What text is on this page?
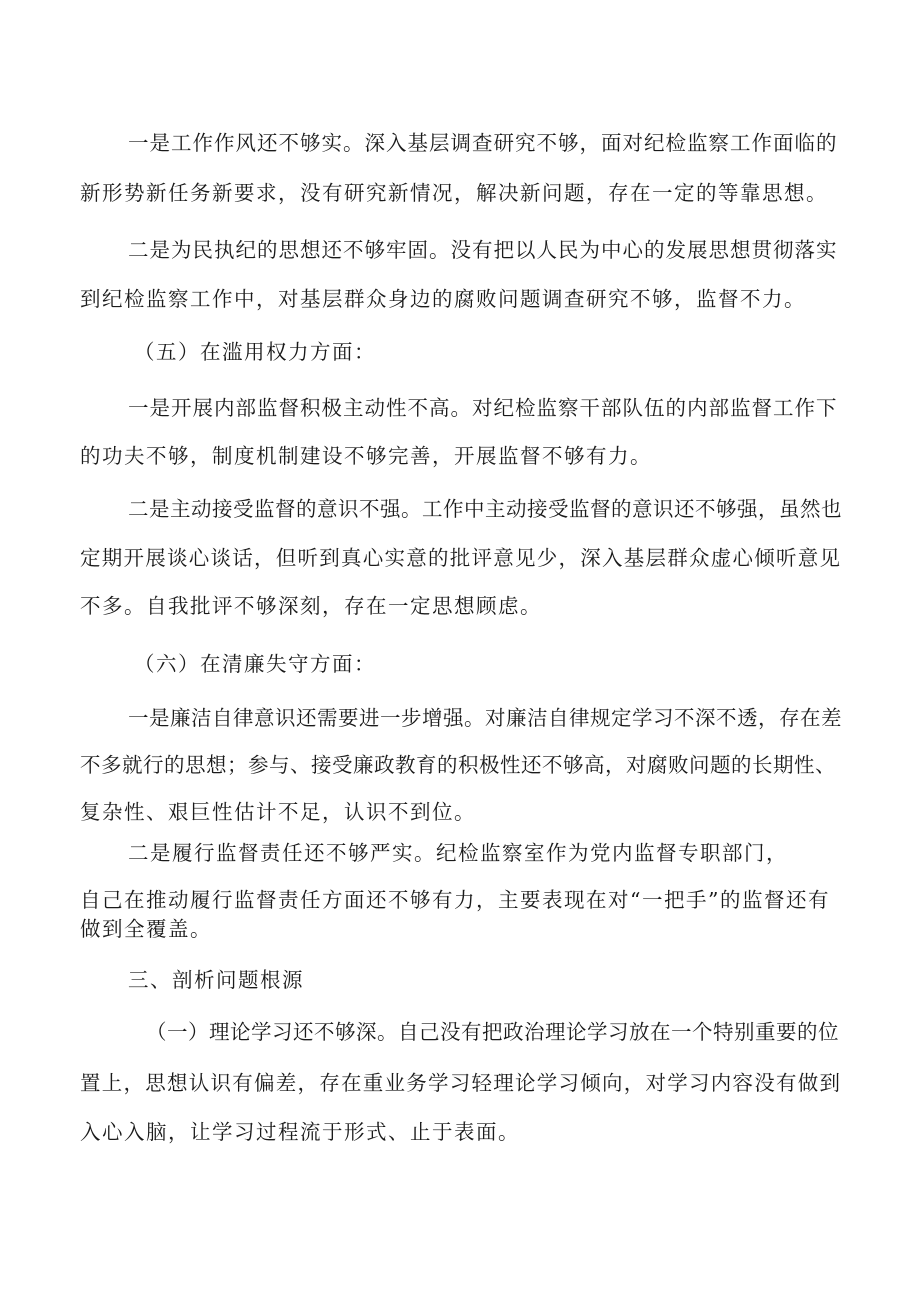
一是工作作风还不够实。深入基层调查研究不够，面对纪检监察工作面临的
新形势新任务新要求，没有研究新情况，解决新问题，存在一定的等靠思想。
二是为民执纪的思想还不够牢固。没有把以人民为中心的发展思想贯彻落实
到纪检监察工作中，对基层群众身边的腐败问题调查研究不够，监督不力。
（五）在滥用权力方面：
一是开展内部监督积极主动性不高。对纪检监察干部队伍的内部监督工作下
的功夫不够，制度机制建设不够完善，开展监督不够有力。
二是主动接受监督的意识不强。工作中主动接受监督的意识还不够强，虽然也
定期开展谈心谈话，但听到真心实意的批评意见少，深入基层群众虚心倾听意见
不多。自我批评不够深刻，存在一定思想顾虑。
（六）在清廉失守方面：
一是廉洁自律意识还需要进一步增强。对廉洁自律规定学习不深不透，存在差
不多就行的思想；参与、接受廉政教育的积极性还不够高，对腐败问题的长期性、
复杂性、艰巨性估计不足，认识不到位。
二是履行监督责任还不够严实。纪检监察室作为党内监督专职部门，
自己在推动履行监督责任方面还不够有力，主要表现在对“一把手”的监督还有
做到全覆盖。
三、剖析问题根源
（一）理论学习还不够深。自己没有把政治理论学习放在一个特别重要的位
置上，思想认识有偏差，存在重业务学习轻理论学习倾向，对学习内容没有做到
入心入脑，让学习过程流于形式、止于表面。
